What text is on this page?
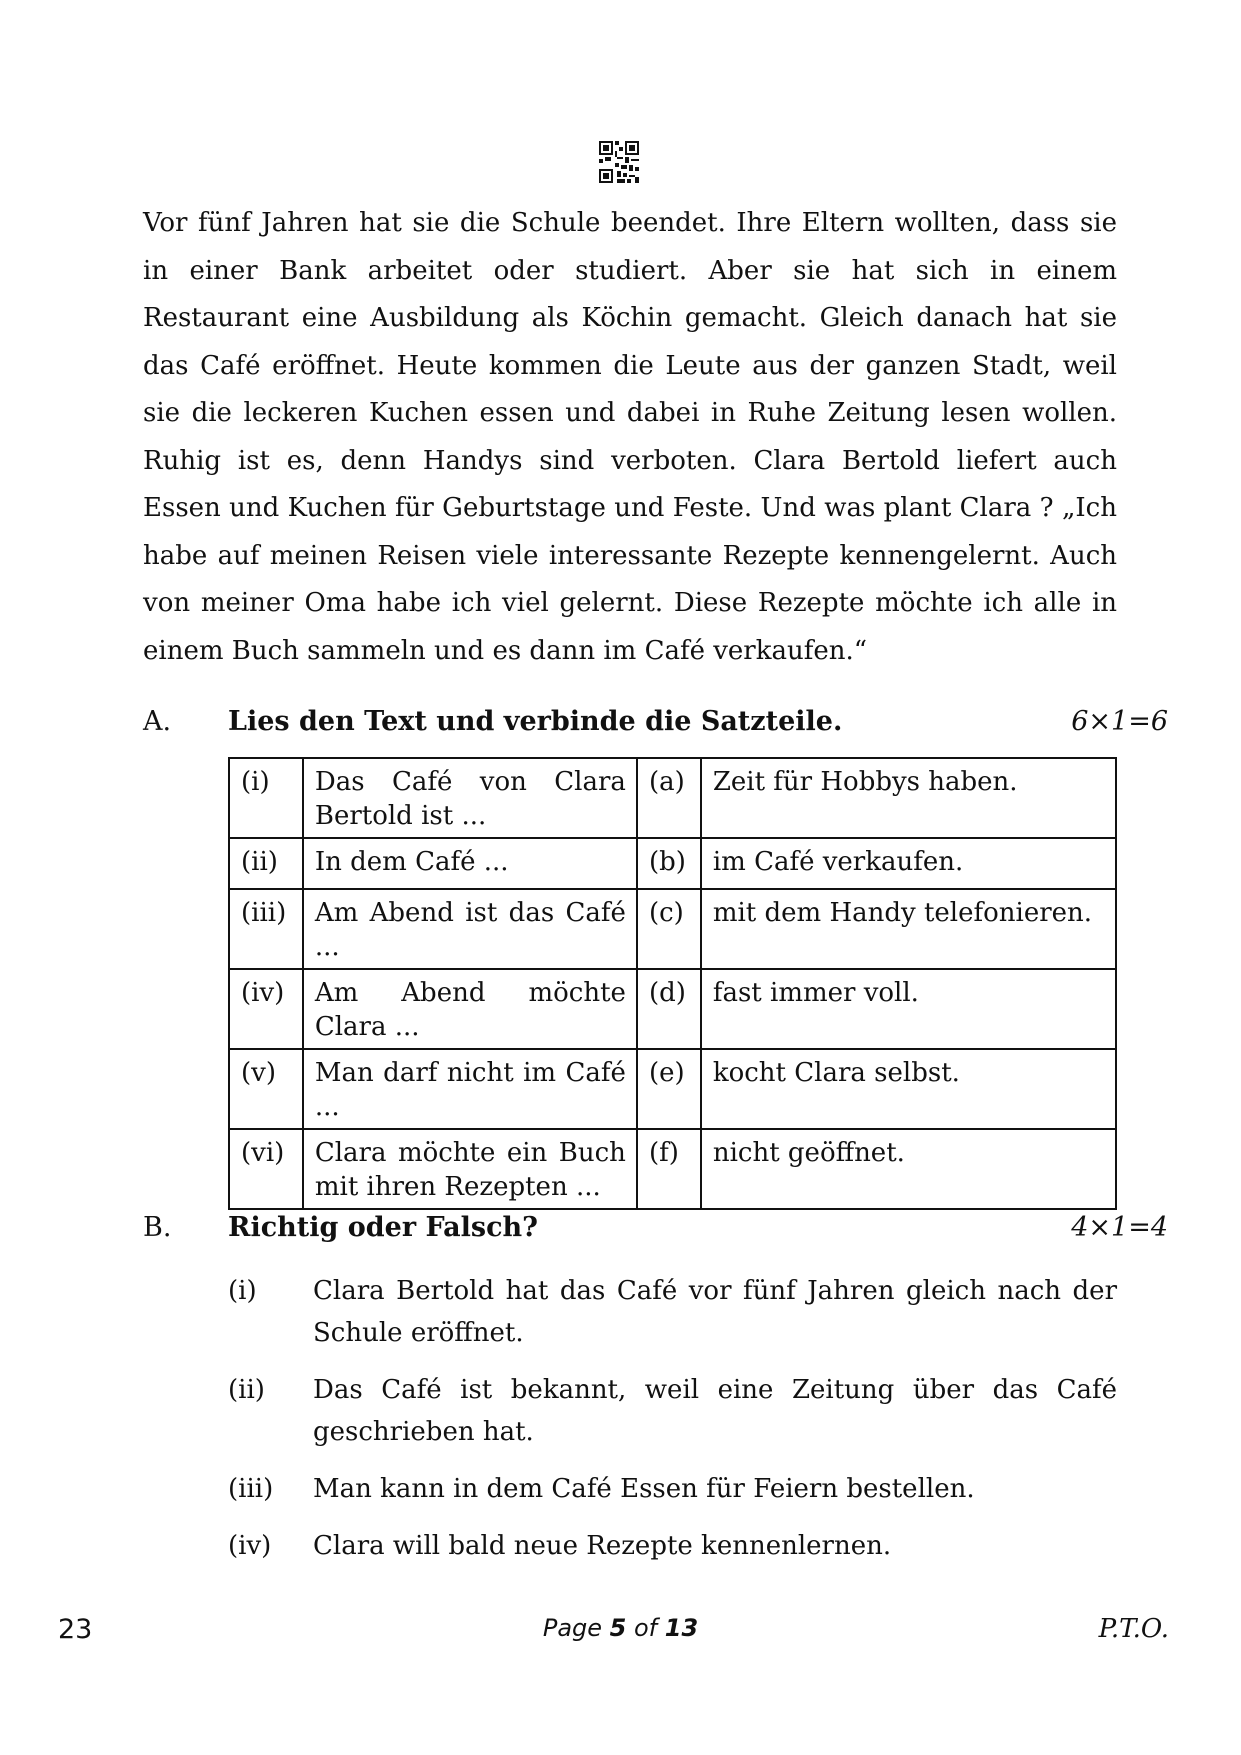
Vor fünf Jahren hat sie die Schule beendet. Ihre Eltern wollten, dass sie in einer Bank arbeitet oder studiert. Aber sie hat sich in einem Restaurant eine Ausbildung als Köchin gemacht. Gleich danach hat sie das Café eröffnet. Heute kommen die Leute aus der ganzen Stadt, weil sie die leckeren Kuchen essen und dabei in Ruhe Zeitung lesen wollen. Ruhig ist es, denn Handys sind verboten. Clara Bertold liefert auch Essen und Kuchen für Geburtstage und Feste. Und was plant Clara ? „Ich habe auf meinen Reisen viele interessante Rezepte kennengelernt. Auch von meiner Oma habe ich viel gelernt. Diese Rezepte möchte ich alle in einem Buch sammeln und es dann im Café verkaufen.“

A. Lies den Text und verbinde die Satzteile.	6×1=6
(i)	Das Café von Clara Bertold ist ...	(a)	Zeit für Hobbys haben.
(ii)	In dem Café ...	(b)	im Café verkaufen.
(iii)	Am Abend ist das Café ...	(c)	mit dem Handy telefonieren.
(iv)	Am Abend möchte Clara ...	(d)	fast immer voll.
(v)	Man darf nicht im Café ...	(e)	kocht Clara selbst.
(vi)	Clara möchte ein Buch mit ihren Rezepten ...	(f)	nicht geöffnet.
B. Richtig oder Falsch?	4×1=4
(i) Clara Bertold hat das Café vor fünf Jahren gleich nach der Schule eröffnet.
(ii) Das Café ist bekannt, weil eine Zeitung über das Café geschrieben hat.
(iii) Man kann in dem Café Essen für Feiern bestellen.
(iv) Clara will bald neue Rezepte kennenlernen.
23	Page 5 of 13	P.T.O.
